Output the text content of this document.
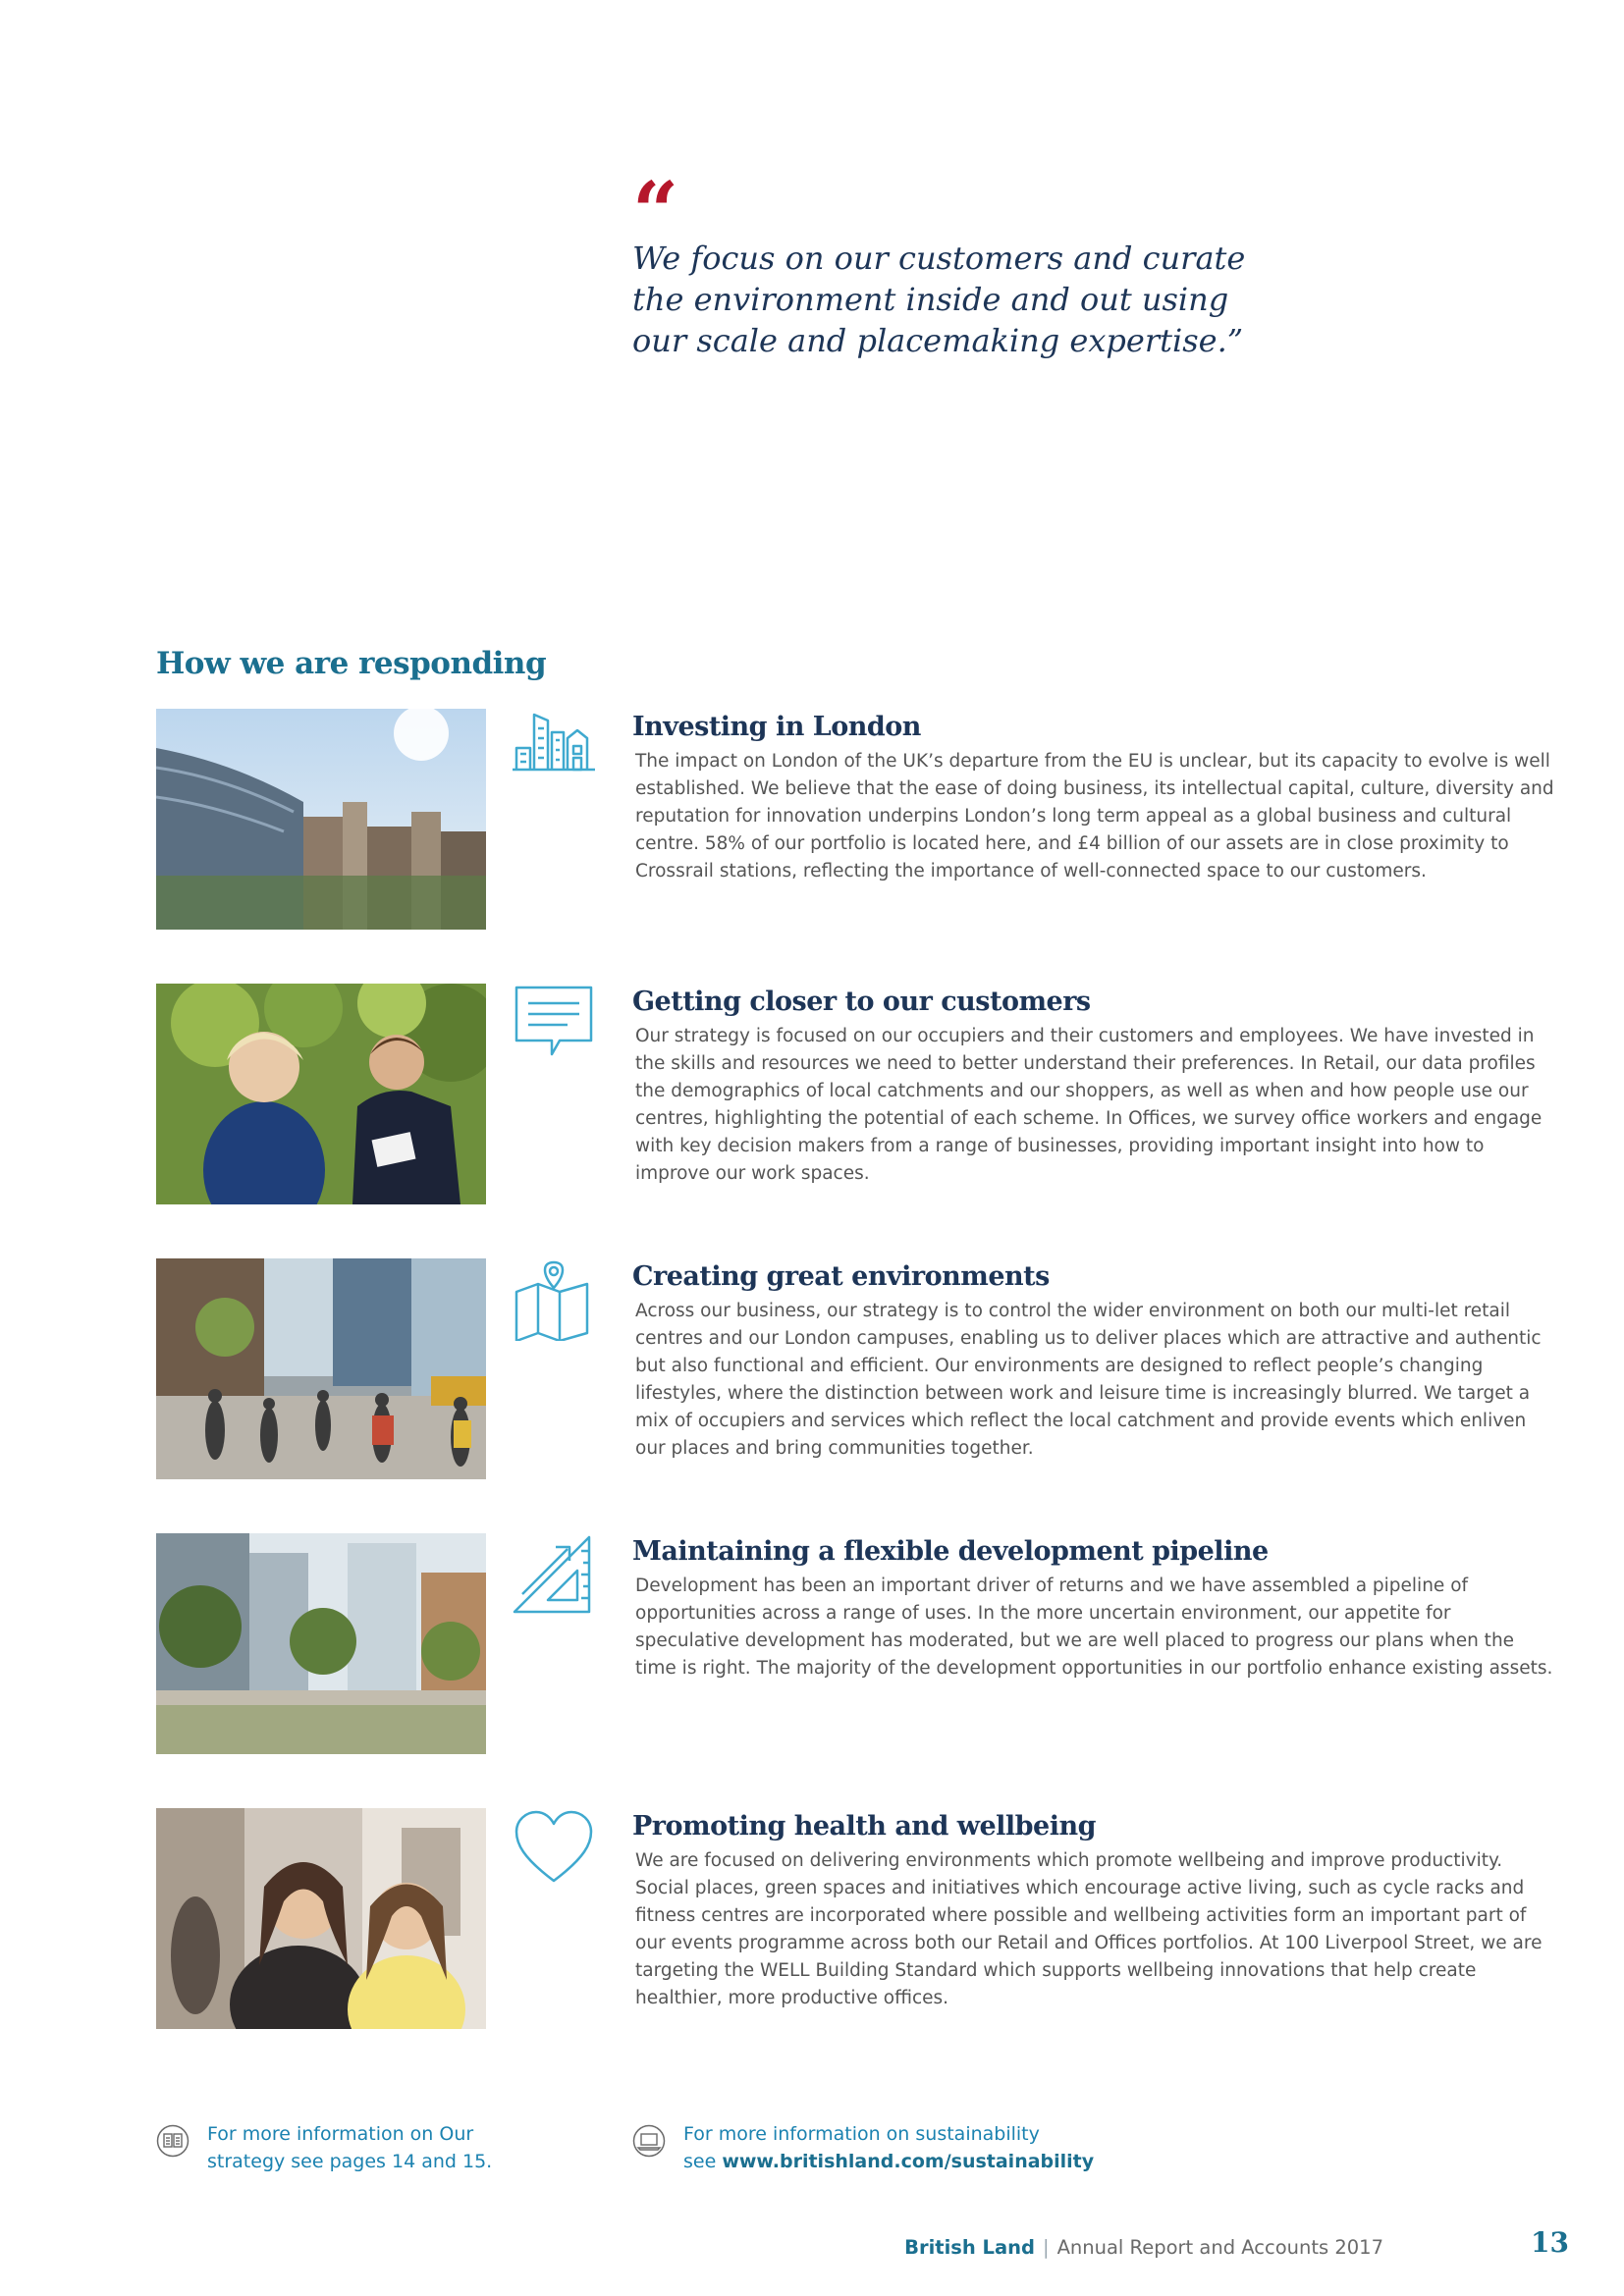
“
We focus on our customers and curate
the environment inside and out using
our scale and placemaking expertise.”
How we are responding
Investing in London

The impact on London of the UK’s departure from the EU is unclear, but its capacity to evolve is well established. We believe that the ease of doing business, its intellectual capital, culture, diversity and reputation for innovation underpins London’s long term appeal as a global business and cultural centre. 58% of our portfolio is located here, and £4 billion of our assets are in close proximity to Crossrail stations, reflecting the importance of well-connected space to our customers.

Getting closer to our customers

Our strategy is focused on our occupiers and their customers and employees. We have invested in the skills and resources we need to better understand their preferences. In Retail, our data profiles the demographics of local catchments and our shoppers, as well as when and how people use our centres, highlighting the potential of each scheme. In Offices, we survey office workers and engage with key decision makers from a range of businesses, providing important insight into how to improve our work spaces.

Creating great environments

Across our business, our strategy is to control the wider environment on both our multi-let retail centres and our London campuses, enabling us to deliver places which are attractive and authentic but also functional and efficient. Our environments are designed to reflect people’s changing lifestyles, where the distinction between work and leisure time is increasingly blurred. We target a mix of occupiers and services which reflect the local catchment and provide events which enliven our places and bring communities together.

Maintaining a flexible development pipeline

Development has been an important driver of returns and we have assembled a pipeline of opportunities across a range of uses. In the more uncertain environment, our appetite for speculative development has moderated, but we are well placed to progress our plans when the time is right. The majority of the development opportunities in our portfolio enhance existing assets.

Promoting health and wellbeing

We are focused on delivering environments which promote wellbeing and improve productivity. Social places, green spaces and initiatives which encourage active living, such as cycle racks and fitness centres are incorporated where possible and wellbeing activities form an important part of our events programme across both our Retail and Offices portfolios. At 100 Liverpool Street, we are targeting the WELL Building Standard which supports wellbeing innovations that help create healthier, more productive offices.

For more information on Our
strategy see pages 14 and 15.
For more information on sustainability
see www.britishland.com/sustainability
British Land | Annual Report and Accounts 2017	13
